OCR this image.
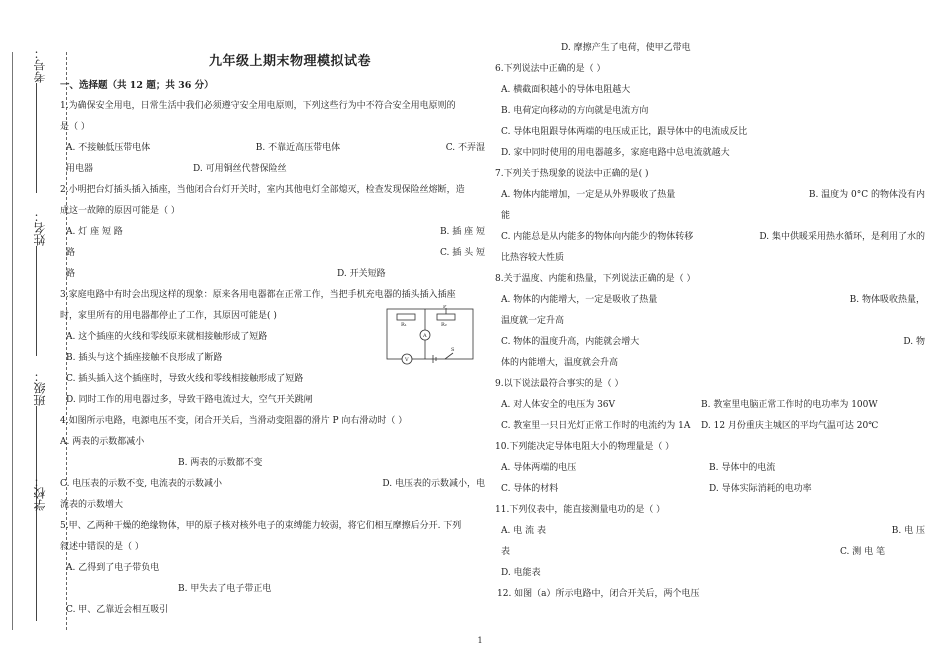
考号：
姓名：
班级：
学校：
九年级上期末物理模拟试卷
一、选择题（共 12 题；共 36 分）
1.为确保安全用电，日常生活中我们必须遵守安全用电原则，下列这些行为中不符合安全用电原则的
是（ ）
A. 不接触低压带电体	B. 不靠近高压带电体	C. 不弄湿
用电器	D. 可用铜丝代替保险丝
2.小明把台灯插头插入插座，当他闭合台灯开关时，室内其他电灯全部熄灭，检查发现保险丝熔断，造
成这一故障的原因可能是（ ）
A. 灯 座 短 路	B. 插 座 短
路	C. 插 头 短
路	D. 开关短路
3.家庭电路中有时会出现这样的现象：原来各用电器都在正常工作，当把手机充电器的插头插入插座
时，家里所有的用电器都停止了工作，其原因可能是( )
A. 这个插座的火线和零线原来就相接触形成了短路
B. 插头与这个插座接触不良形成了断路
C. 插头插入这个插座时，导致火线和零线相接触形成了短路
D. 同时工作的用电器过多，导致干路电流过大，空气开关跳闸
4.如图所示电路，电源电压不变，闭合开关后，当滑动变阻器的滑片 P 向右滑动时（ ）
A. 两表的示数都减小
B. 两表的示数都不变
C. 电压表的示数不变, 电流表的示数减小	D. 电压表的示数减小，电
流表的示数增大
5.甲、乙两种干燥的绝缘物体，甲的原子核对核外电子的束缚能力较弱，将它们相互摩擦后分开. 下列
叙述中错误的是（ ）
A. 乙得到了电子带负电
B. 甲失去了电子带正电
C. 甲、乙靠近会相互吸引
R₁	R₂
P
A
V
S
D. 摩擦产生了电荷，使甲乙带电
6.下列说法中正确的是（ ）
A. 横截面积越小的导体电阻越大
B. 电荷定向移动的方向就是电流方向
C. 导体电阻跟导体两端的电压成正比，跟导体中的电流成反比
D. 家中同时使用的用电器越多，家庭电路中总电流就越大
7.下列关于热现象的说法中正确的是( )
A. 物体内能增加，一定是从外界吸收了热量	B. 温度为 0°C 的物体没有内
能
C. 内能总是从内能多的物体向内能少的物体转移	D. 集中供暖采用热水循环，是利用了水的
比热容较大性质
8.关于温度、内能和热量，下列说法正确的是（ ）
A. 物体的内能增大，一定是吸收了热量	B. 物体吸收热量，
温度就一定升高
C. 物体的温度升高，内能就会增大	D. 物
体的内能增大，温度就会升高
9.以下说法最符合事实的是（ ）
A. 对人体安全的电压为 36V	B. 教室里电脑正常工作时的电功率为 100W
C. 教室里一只日光灯正常工作时的电流约为 1A	D. 12 月份重庆主城区的平均气温可达 20℃
10.下列能决定导体电阻大小的物理量是（ ）
A. 导体两端的电压	B. 导体中的电流
C. 导体的材料	D. 导体实际消耗的电功率
11.下列仪表中，能直接测量电功的是（ ）
A. 电 流 表	B. 电 压
表	C. 测 电 笔
D. 电能表
12. 如图（a）所示电路中，闭合开关后，两个电压
1
